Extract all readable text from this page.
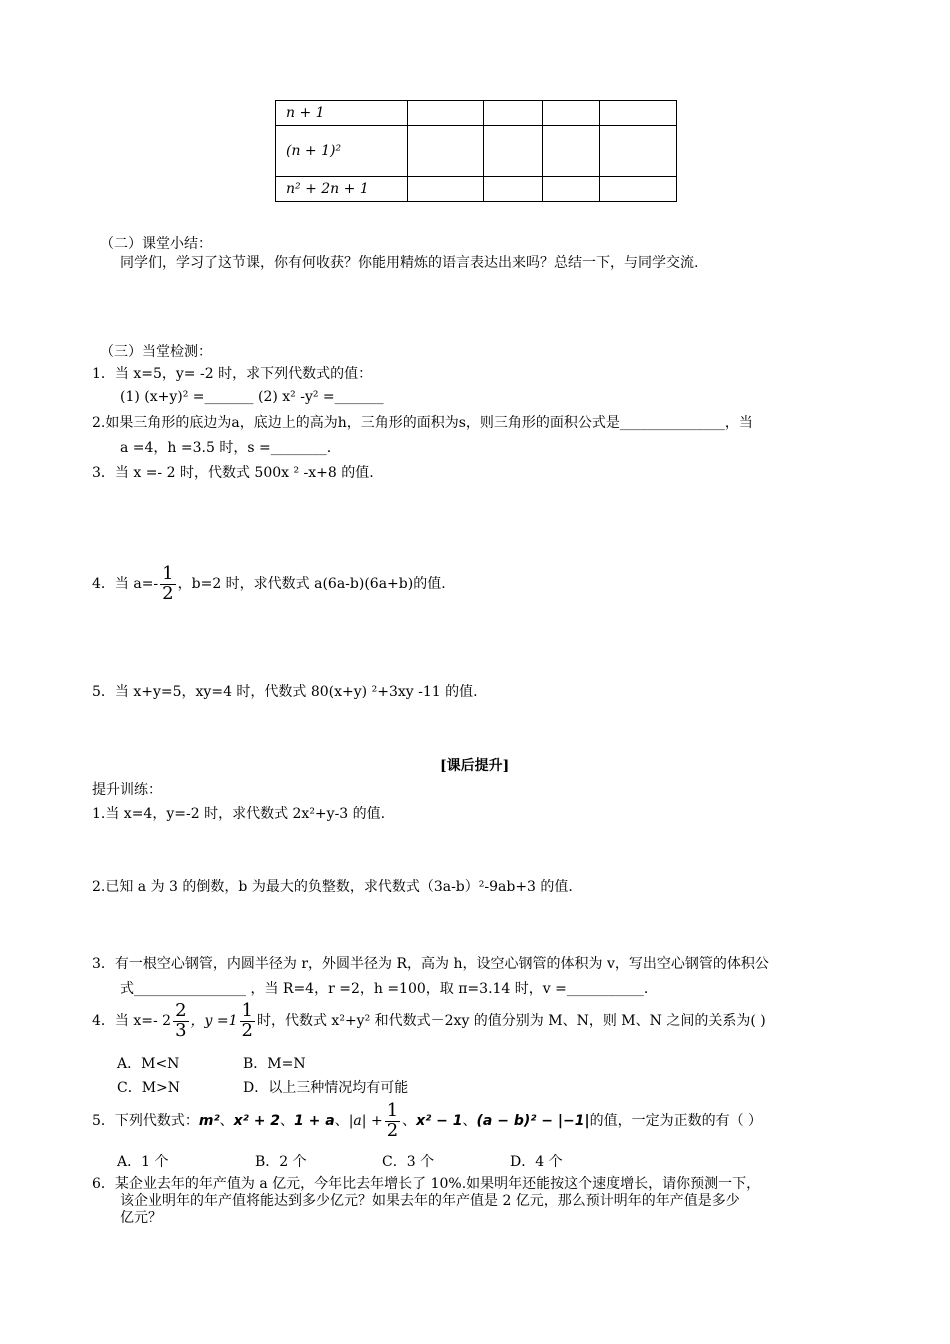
n + 1				
(n + 1)²				
n² + 2n + 1				
（二）课堂小结：
同学们，学习了这节课，你有何收获？你能用精炼的语言表达出来吗？总结一下，与同学交流.
（三）当堂检测：
1．当 x=5，y= -2 时，求下列代数式的值：
(1) (x+y)² =_______ (2) x² -y² =_______
2.如果三角形的底边为a，底边上的高为h，三角形的面积为s，则三角形的面积公式是_______________，当
a =4，h =3.5 时，s =________.
3．当 x =- 2 时，代数式 500x ² -x+8 的值.
4．当 $a=- \frac{1}{2}$ ，b=2 时，求代数式 a(6a-b)(6a+b)的值.
5．当 x+y=5，xy=4 时，代数式 80(x+y) ²+3xy -11 的值.
[课后提升]
提升训练：
1.当 x=4，y=-2 时，求代数式 2x²+y-3 的值.
2.已知 a 为 3 的倒数，b 为最大的负整数，求代数式（3a-b）²-9ab+3 的值.
3．有一根空心钢管，内圆半径为 r，外圆半径为 R，高为 h，设空心钢管的体积为 v，写出空心钢管的体积公
式________________ ，当 R=4，r =2，h =100，取 π=3.14 时，v =___________.
4．当 x=- $2 \frac{2}{3}$ ，$y =1 \frac{1}{2}$ 时，代数式 x²+y² 和代数式－2xy 的值分别为 M、N，则 M、N 之间的关系为( )
A．M<N	B．M=N
C．M>N	D．以上三种情况均有可能
5．下列代数式： m² 、 x² + 2 、 1 + a 、 $|a| + \frac{1}{2}$ 、 x² − 1 、 (a − b)² − |−1| 的值，一定为正数的有（ ）
A．1 个	B．2 个	C．3 个	D．4 个
6．某企业去年的年产值为 a 亿元，今年比去年增长了 10%.如果明年还能按这个速度增长，请你预测一下，
该企业明年的年产值将能达到多少亿元？如果去年的年产值是 2 亿元，那么预计明年的年产值是多少
亿元？
